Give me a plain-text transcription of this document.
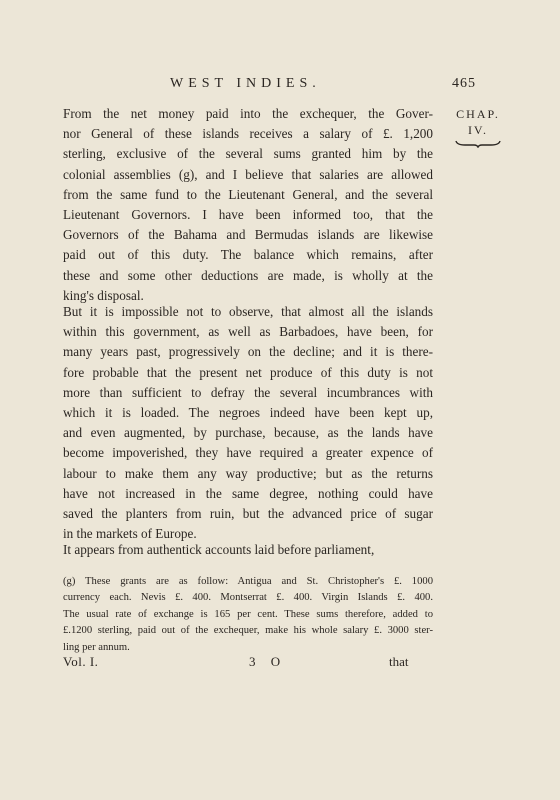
WEST INDIES.	465
CHAP.
IV.
From the net money paid into the exchequer, the Gover-
nor General of these islands receives a salary of £. 1,200
sterling, exclusive of the several sums granted him by the
colonial assemblies (g), and I believe that salaries are allowed
from the same fund to the Lieutenant General, and the several
Lieutenant Governors. I have been informed too, that the
Governors of the Bahama and Bermudas islands are likewise
paid out of this duty. The balance which remains, after
these and some other deductions are made, is wholly at the
king's disposal.
But it is impossible not to observe, that almost all the islands
within this government, as well as Barbadoes, have been, for
many years past, progressively on the decline; and it is there-
fore probable that the present net produce of this duty is not
more than sufficient to defray the several incumbrances with
which it is loaded. The negroes indeed have been kept up,
and even augmented, by purchase, because, as the lands have
become impoverished, they have required a greater expence of
labour to make them any way productive; but as the returns
have not increased in the same degree, nothing could have
saved the planters from ruin, but the advanced price of sugar
in the markets of Europe.
It appears from authentick accounts laid before parliament,
(g) These grants are as follow: Antigua and St. Christopher's £. 1000
currency each. Nevis £. 400. Montserrat £. 400. Virgin Islands £. 400.
The usual rate of exchange is 165 per cent. These sums therefore, added to
£.1200 sterling, paid out of the exchequer, make his whole salary £. 3000 ster-
ling per annum.
Vol. I.	3 O	that
